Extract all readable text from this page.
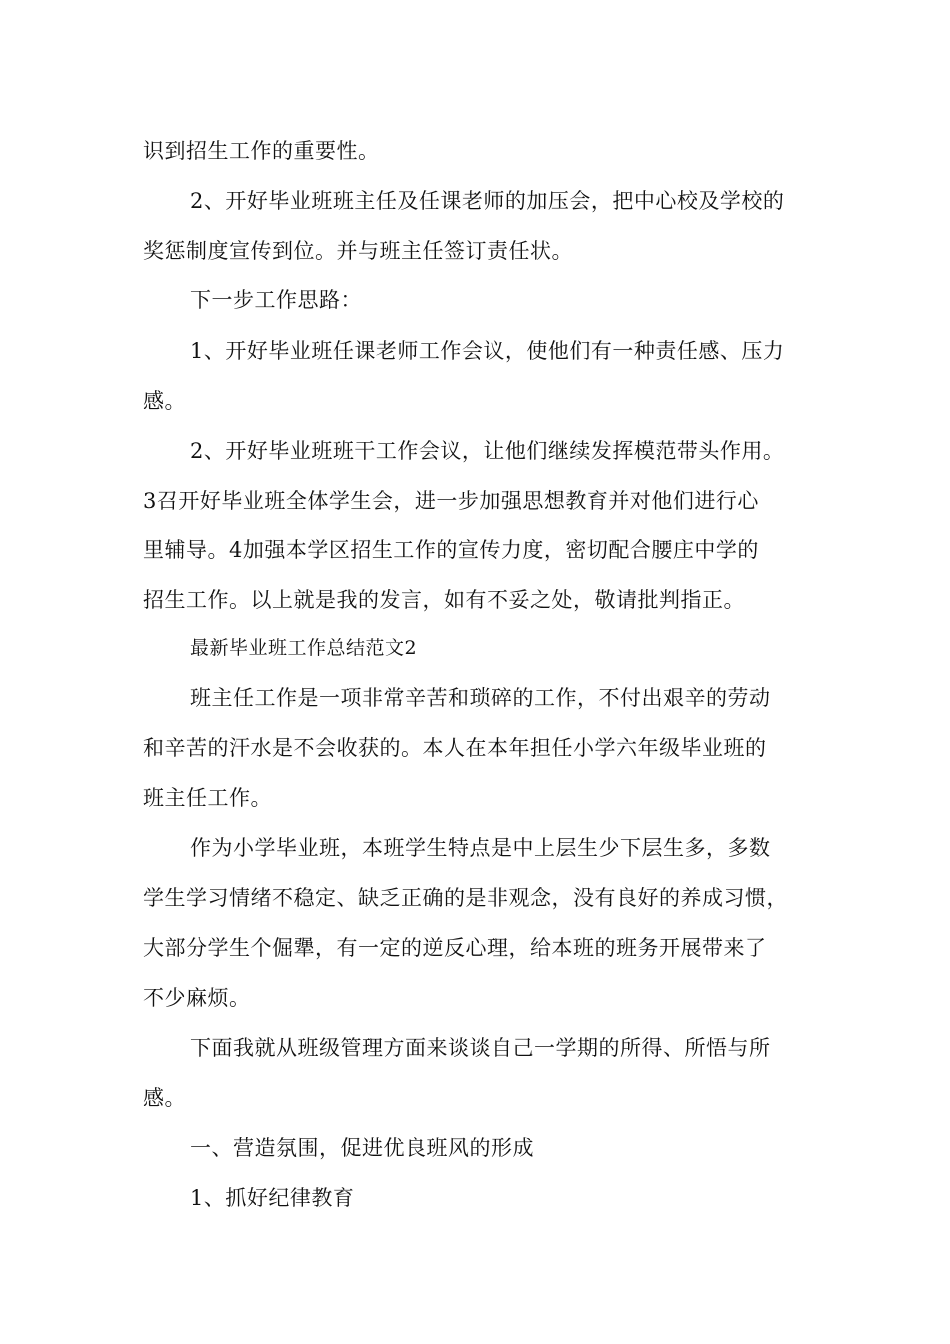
识到招生工作的重要性。
2、开好毕业班班主任及任课老师的加压会，把中心校及学校的
奖惩制度宣传到位。并与班主任签订责任状。
下一步工作思路：
1、开好毕业班任课老师工作会议，使他们有一种责任感、压力
感。
2、开好毕业班班干工作会议，让他们继续发挥模范带头作用。
3召开好毕业班全体学生会，进一步加强思想教育并对他们进行心
里辅导。4加强本学区招生工作的宣传力度，密切配合腰庄中学的
招生工作。以上就是我的发言，如有不妥之处，敬请批判指正。
最新毕业班工作总结范文2
班主任工作是一项非常辛苦和琐碎的工作，不付出艰辛的劳动
和辛苦的汗水是不会收获的。本人在本年担任小学六年级毕业班的
班主任工作。
作为小学毕业班，本班学生特点是中上层生少下层生多，多数
学生学习情绪不稳定、缺乏正确的是非观念，没有良好的养成习惯，
大部分学生个倔犟，有一定的逆反心理，给本班的班务开展带来了
不少麻烦。
下面我就从班级管理方面来谈谈自己一学期的所得、所悟与所
感。
一、营造氛围，促进优良班风的形成
1、抓好纪律教育
